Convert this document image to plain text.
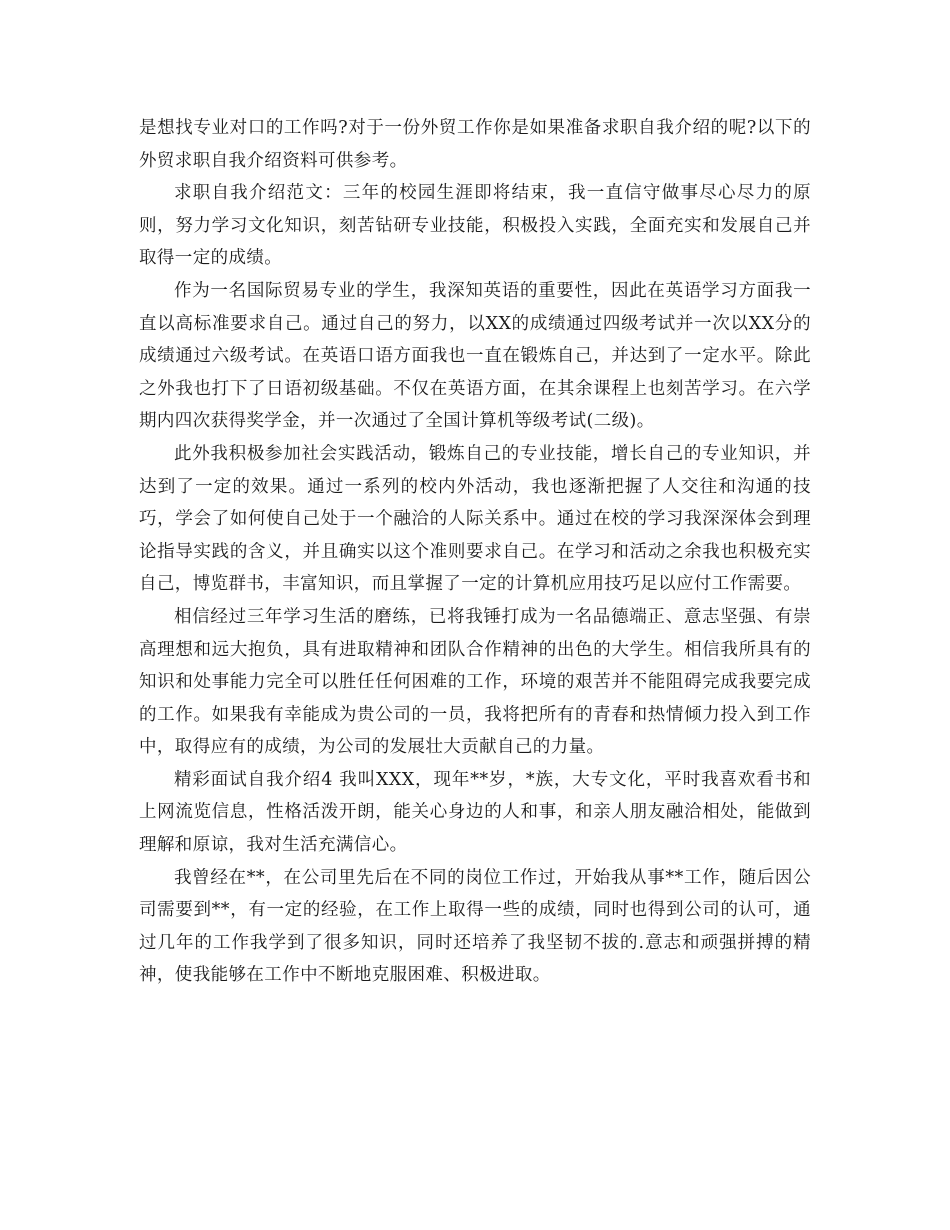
是想找专业对口的工作吗?对于一份外贸工作你是如果准备求职自我介绍的呢?以下的外贸求职自我介绍资料可供参考。

求职自我介绍范文：三年的校园生涯即将结束，我一直信守做事尽心尽力的原则，努力学习文化知识，刻苦钻研专业技能，积极投入实践，全面充实和发展自己并取得一定的成绩。

作为一名国际贸易专业的学生，我深知英语的重要性，因此在英语学习方面我一直以高标准要求自己。通过自己的努力，以XX的成绩通过四级考试并一次以XX分的成绩通过六级考试。在英语口语方面我也一直在锻炼自己，并达到了一定水平。除此之外我也打下了日语初级基础。不仅在英语方面，在其余课程上也刻苦学习。在六学期内四次获得奖学金，并一次通过了全国计算机等级考试(二级)。

此外我积极参加社会实践活动，锻炼自己的专业技能，增长自己的专业知识，并达到了一定的效果。通过一系列的校内外活动，我也逐渐把握了人交往和沟通的技巧，学会了如何使自己处于一个融洽的人际关系中。通过在校的学习我深深体会到理论指导实践的含义，并且确实以这个准则要求自己。在学习和活动之余我也积极充实自己，博览群书，丰富知识，而且掌握了一定的计算机应用技巧足以应付工作需要。

相信经过三年学习生活的磨练，已将我锤打成为一名品德端正、意志坚强、有崇高理想和远大抱负，具有进取精神和团队合作精神的出色的大学生。相信我所具有的知识和处事能力完全可以胜任任何困难的工作，环境的艰苦并不能阻碍完成我要完成的工作。如果我有幸能成为贵公司的一员，我将把所有的青春和热情倾力投入到工作中，取得应有的成绩，为公司的发展壮大贡献自己的力量。

精彩面试自我介绍4 我叫XXX，现年**岁，*族，大专文化，平时我喜欢看书和上网流览信息，性格活泼开朗，能关心身边的人和事，和亲人朋友融洽相处，能做到理解和原谅，我对生活充满信心。

我曾经在**，在公司里先后在不同的岗位工作过，开始我从事**工作，随后因公司需要到**，有一定的经验，在工作上取得一些的成绩，同时也得到公司的认可，通过几年的工作我学到了很多知识，同时还培养了我坚韧不拔的.意志和顽强拼搏的精神，使我能够在工作中不断地克服困难、积极进取。
